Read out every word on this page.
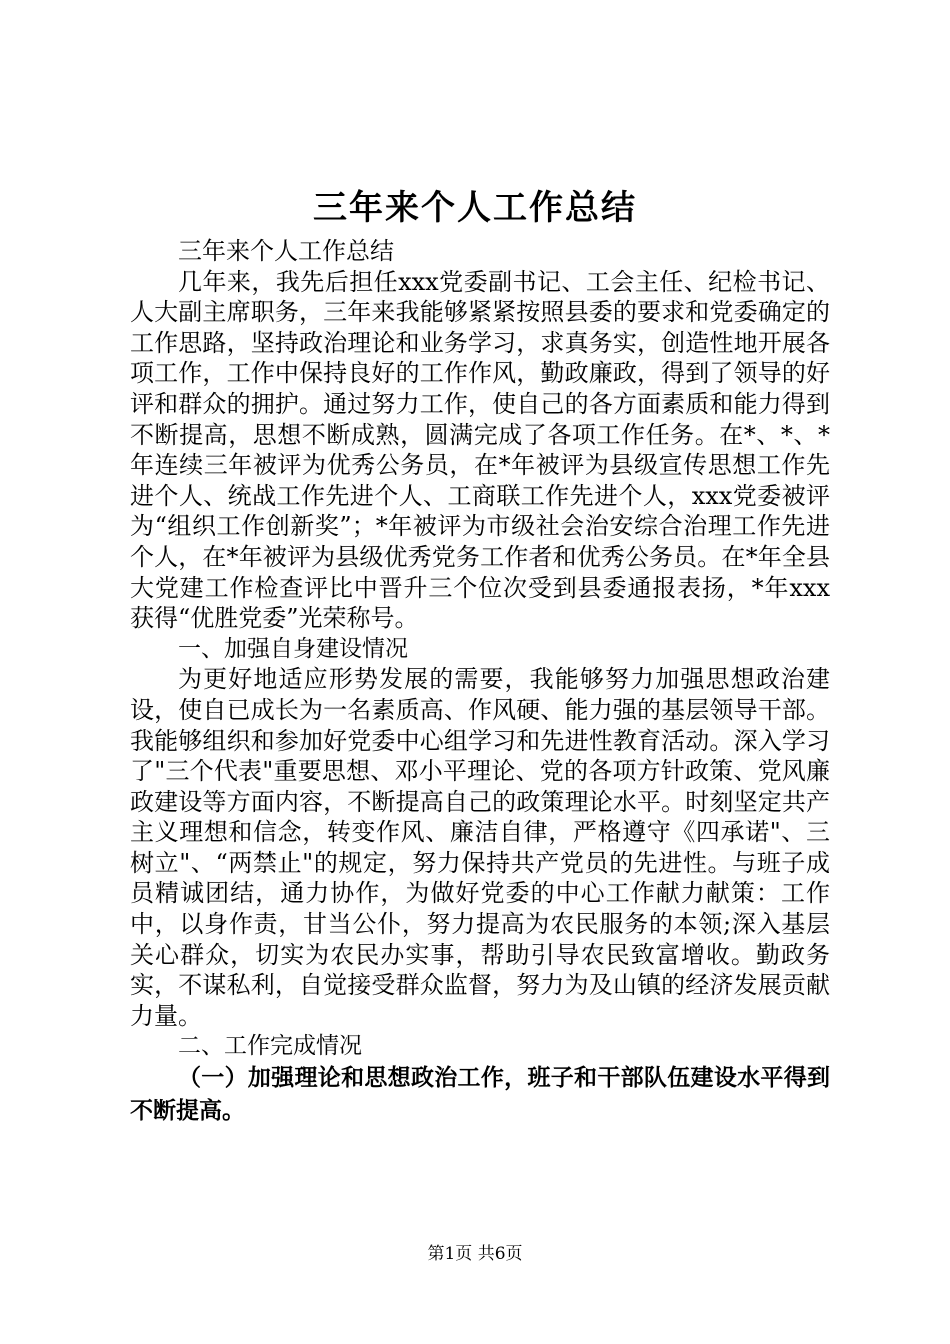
三年来个人工作总结

三年来个人工作总结

几年来，我先后担任xxx党委副书记、工会主任、纪检书记、人大副主席职务，三年来我能够紧紧按照县委的要求和党委确定的工作思路，坚持政治理论和业务学习，求真务实，创造性地开展各项工作，工作中保持良好的工作作风，勤政廉政，得到了领导的好评和群众的拥护。通过努力工作，使自己的各方面素质和能力得到不断提高，思想不断成熟，圆满完成了各项工作任务。在*、*、*年连续三年被评为优秀公务员，在*年被评为县级宣传思想工作先进个人、统战工作先进个人、工商联工作先进个人，xxx党委被评为“组织工作创新奖”；*年被评为市级社会治安综合治理工作先进个人，在*年被评为县级优秀党务工作者和优秀公务员。在*年全县大党建工作检查评比中晋升三个位次受到县委通报表扬，*年xxx获得“优胜党委”光荣称号。

一、加强自身建设情况

为更好地适应形势发展的需要，我能够努力加强思想政治建设，使自已成长为一名素质高、作风硬、能力强的基层领导干部。我能够组织和参加好党委中心组学习和先进性教育活动。深入学习了"三个代表"重要思想、邓小平理论、党的各项方针政策、党风廉政建设等方面内容，不断提高自己的政策理论水平。时刻坚定共产主义理想和信念，转变作风、廉洁自律，严格遵守《四承诺"、三树立"、“两禁止"的规定，努力保持共产党员的先进性。与班子成员精诚团结，通力协作，为做好党委的中心工作献力献策：工作中，以身作责，甘当公仆，努力提高为农民服务的本领;深入基层关心群众，切实为农民办实事，帮助引导农民致富增收。勤政务实，不谋私利，自觉接受群众监督，努力为及山镇的经济发展贡献力量。

二、工作完成情况

（一）加强理论和思想政治工作，班子和干部队伍建设水平得到不断提高。

第1页 共6页
